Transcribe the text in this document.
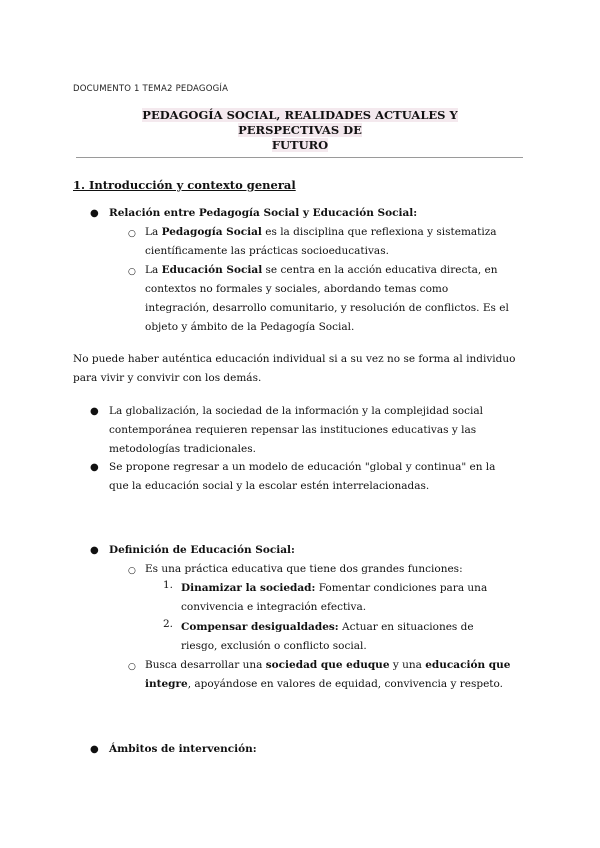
DOCUMENTO 1 TEMA2 PEDAGOGÍA
PEDAGOGÍA SOCIAL, REALIDADES ACTUALES Y PERSPECTIVAS DE
FUTURO
1. Introducción y contexto general
● Relación entre Pedagogía Social y Educación Social:
○ La Pedagogía Social es la disciplina que reflexiona y sistematiza científicamente las prácticas socioeducativas.
○ La Educación Social se centra en la acción educativa directa, en contextos no formales y sociales, abordando temas como integración, desarrollo comunitario, y resolución de conflictos. Es el objeto y ámbito de la Pedagogía Social.
No puede haber auténtica educación individual si a su vez no se forma al individuo para vivir y convivir con los demás.
● La globalización, la sociedad de la información y la complejidad social contemporánea requieren repensar las instituciones educativas y las metodologías tradicionales.
● Se propone regresar a un modelo de educación "global y continua" en la que la educación social y la escolar estén interrelacionadas.
● Definición de Educación Social:
○ Es una práctica educativa que tiene dos grandes funciones:
1. Dinamizar la sociedad: Fomentar condiciones para una convivencia e integración efectiva.
2. Compensar desigualdades: Actuar en situaciones de riesgo, exclusión o conflicto social.
○ Busca desarrollar una sociedad que eduque y una educación que integre, apoyándose en valores de equidad, convivencia y respeto.
● Ámbitos de intervención:
